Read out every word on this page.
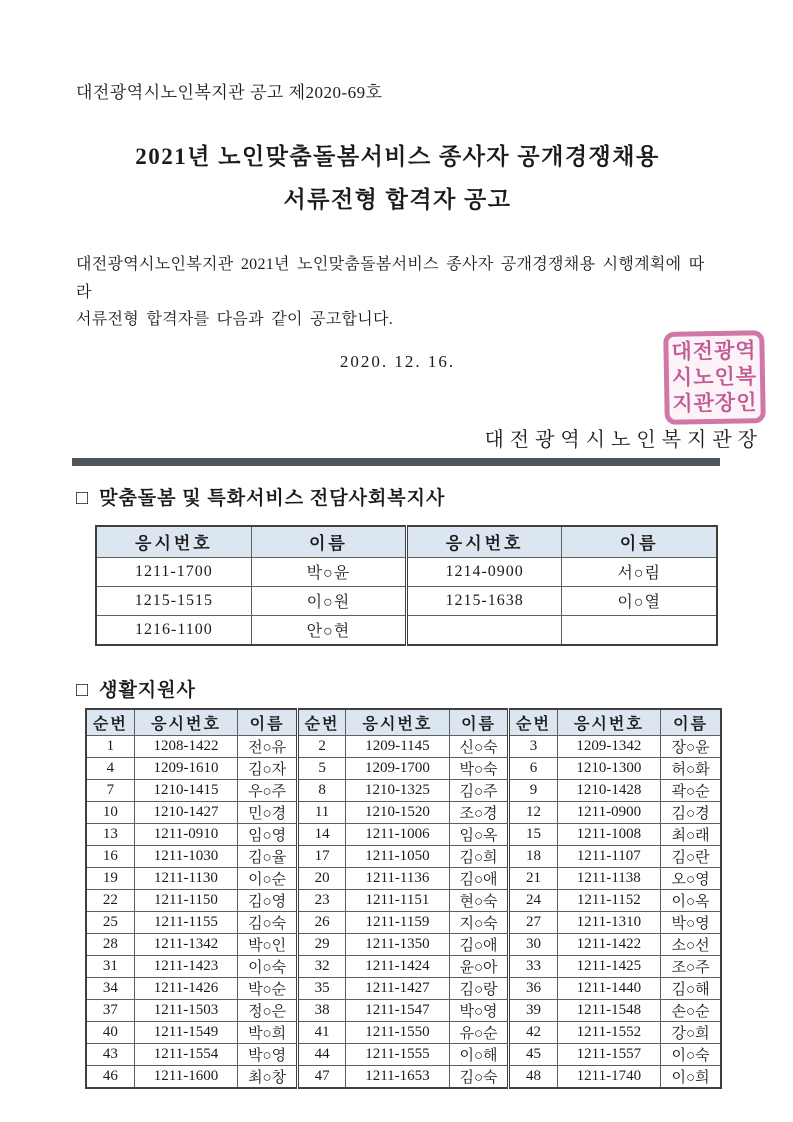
대전광역시노인복지관 공고 제2020-69호
2021년 노인맞춤돌봄서비스 종사자 공개경쟁채용
서류전형 합격자 공고
대전광역시노인복지관 2021년 노인맞춤돌봄서비스 종사자 공개경쟁채용 시행계획에 따라
서류전형 합격자를 다음과 같이 공고합니다.
2020. 12. 16.
대전광역시노인복지관장
□ 맞춤돌봄 및 특화서비스 전담사회복지사
응시번호	이름	응시번호	이름
1211-1700	박○윤	1214-0900	서○림
1215-1515	이○원	1215-1638	이○열
1216-1100	안○현		
□ 생활지원사
순번	응시번호	이름	순번	응시번호	이름	순번	응시번호	이름
1	1208-1422	전○유	2	1209-1145	신○숙	3	1209-1342	장○윤
4	1209-1610	김○자	5	1209-1700	박○숙	6	1210-1300	허○화
7	1210-1415	우○주	8	1210-1325	김○주	9	1210-1428	곽○순
10	1210-1427	민○경	11	1210-1520	조○경	12	1211-0900	김○경
13	1211-0910	임○영	14	1211-1006	임○옥	15	1211-1008	최○래
16	1211-1030	김○율	17	1211-1050	김○희	18	1211-1107	김○란
19	1211-1130	이○순	20	1211-1136	김○애	21	1211-1138	오○영
22	1211-1150	김○영	23	1211-1151	현○숙	24	1211-1152	이○옥
25	1211-1155	김○숙	26	1211-1159	지○숙	27	1211-1310	박○영
28	1211-1342	박○인	29	1211-1350	김○애	30	1211-1422	소○선
31	1211-1423	이○숙	32	1211-1424	윤○아	33	1211-1425	조○주
34	1211-1426	박○순	35	1211-1427	김○랑	36	1211-1440	김○해
37	1211-1503	정○은	38	1211-1547	박○영	39	1211-1548	손○순
40	1211-1549	박○희	41	1211-1550	유○순	42	1211-1552	강○희
43	1211-1554	박○영	44	1211-1555	이○해	45	1211-1557	이○숙
46	1211-1600	최○창	47	1211-1653	김○숙	48	1211-1740	이○희
대전광역
시노인복
지관장인
